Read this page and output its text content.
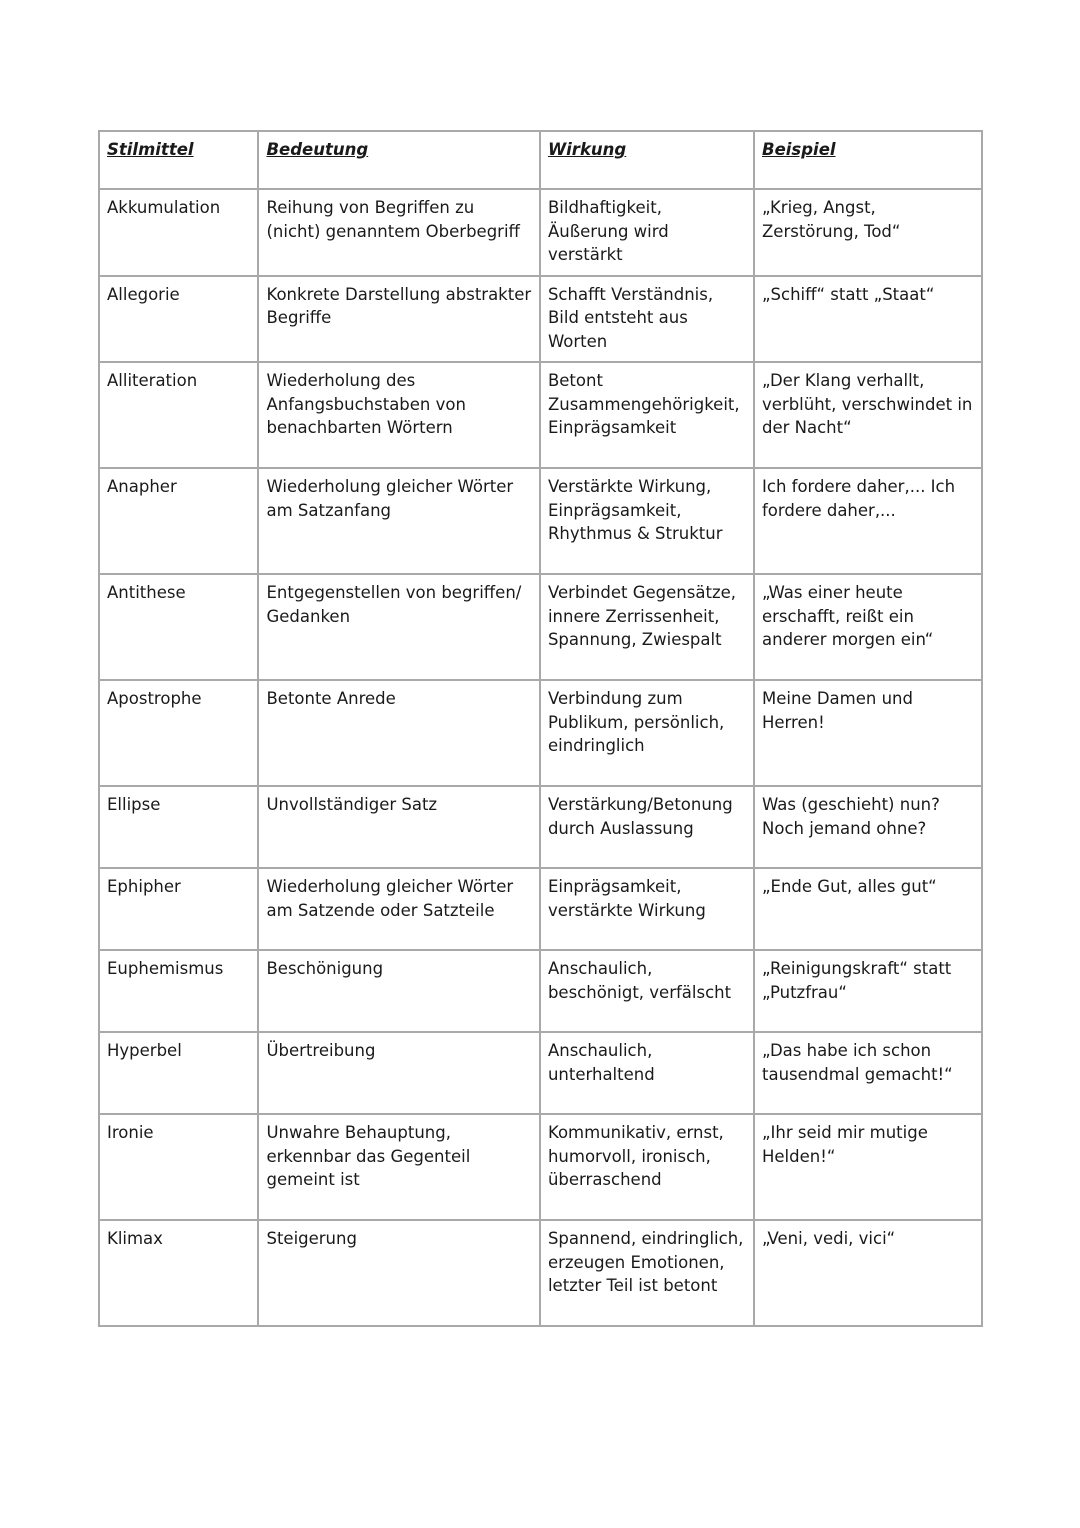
Stilmittel	Bedeutung	Wirkung	Beispiel
Akkumulation	Reihung von Begriffen zu (nicht) genanntem Oberbegriff	Bildhaftigkeit, Äußerung wird verstärkt	„Krieg, Angst, Zerstörung, Tod“
Allegorie	Konkrete Darstellung abstrakter Begriffe	Schafft Verständnis, Bild entsteht aus Worten	„Schiff“ statt „Staat“
Alliteration	Wiederholung des Anfangsbuchstaben von benachbarten Wörtern	Betont Zusammengehörigkeit, Einprägsamkeit	„Der Klang verhallt, verblüht, verschwindet in der Nacht“
Anapher	Wiederholung gleicher Wörter am Satzanfang	Verstärkte Wirkung, Einprägsamkeit, Rhythmus & Struktur	Ich fordere daher,... Ich fordere daher,...
Antithese	Entgegenstellen von begriffen/ Gedanken	Verbindet Gegensätze, innere Zerrissenheit, Spannung, Zwiespalt	„Was einer heute erschafft, reißt ein anderer morgen ein“
Apostrophe	Betonte Anrede	Verbindung zum Publikum, persönlich, eindringlich	Meine Damen und Herren!
Ellipse	Unvollständiger Satz	Verstärkung/Betonung durch Auslassung	Was (geschieht) nun? Noch jemand ohne?
Ephipher	Wiederholung gleicher Wörter am Satzende oder Satzteile	Einprägsamkeit, verstärkte Wirkung	„Ende Gut, alles gut“
Euphemismus	Beschönigung	Anschaulich, beschönigt, verfälscht	„Reinigungskraft“ statt „Putzfrau“
Hyperbel	Übertreibung	Anschaulich, unterhaltend	„Das habe ich schon tausendmal gemacht!“
Ironie	Unwahre Behauptung, erkennbar das Gegenteil gemeint ist	Kommunikativ, ernst, humorvoll, ironisch, überraschend	„Ihr seid mir mutige Helden!“
Klimax	Steigerung	Spannend, eindringlich, erzeugen Emotionen, letzter Teil ist betont	„Veni, vedi, vici“
